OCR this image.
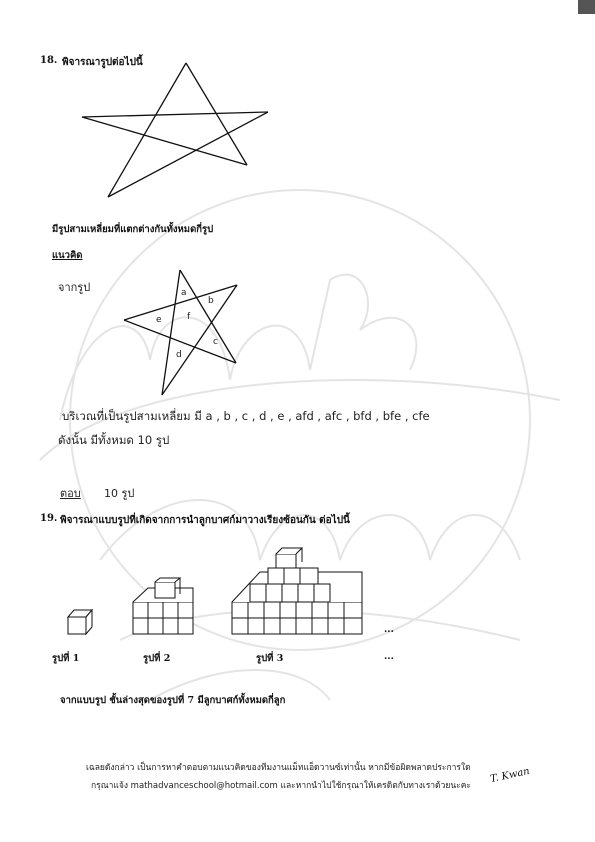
18. พิจารณารูปต่อไปนี้
มีรูปสามเหลี่ยมที่แตกต่างกันทั้งหมดกี่รูป
แนวคิด
จากรูป	a
b
c
d
e	f
บริเวณที่เป็นรูปสามเหลี่ยม มี a , b , c , d , e , afd , afc , bfd , bfe , cfe
ดังนั้น มีทั้งหมด 10 รูป
ตอบ 10 รูป
19. พิจารณาแบบรูปที่เกิดจากการนำลูกบาศก์มาวางเรียงซ้อนกัน ต่อไปนี้
รูปที่ 1	รูปที่ 2	รูปที่ 3
...
...
จากแบบรูป ชั้นล่างสุดของรูปที่ 7 มีลูกบาศก์ทั้งหมดกี่ลูก
เฉลยดังกล่าว เป็นการหาคำตอบตามแนวคิดของทีมงานแม็ทแอ็ดวานซ์เท่านั้น หากมีข้อผิดพลาดประการใด
กรุณาแจ้ง mathadvanceschool@hotmail.com และหากนำไปใช้กรุณาให้เครดิตกับทางเราด้วยนะคะ
T. Kwan
